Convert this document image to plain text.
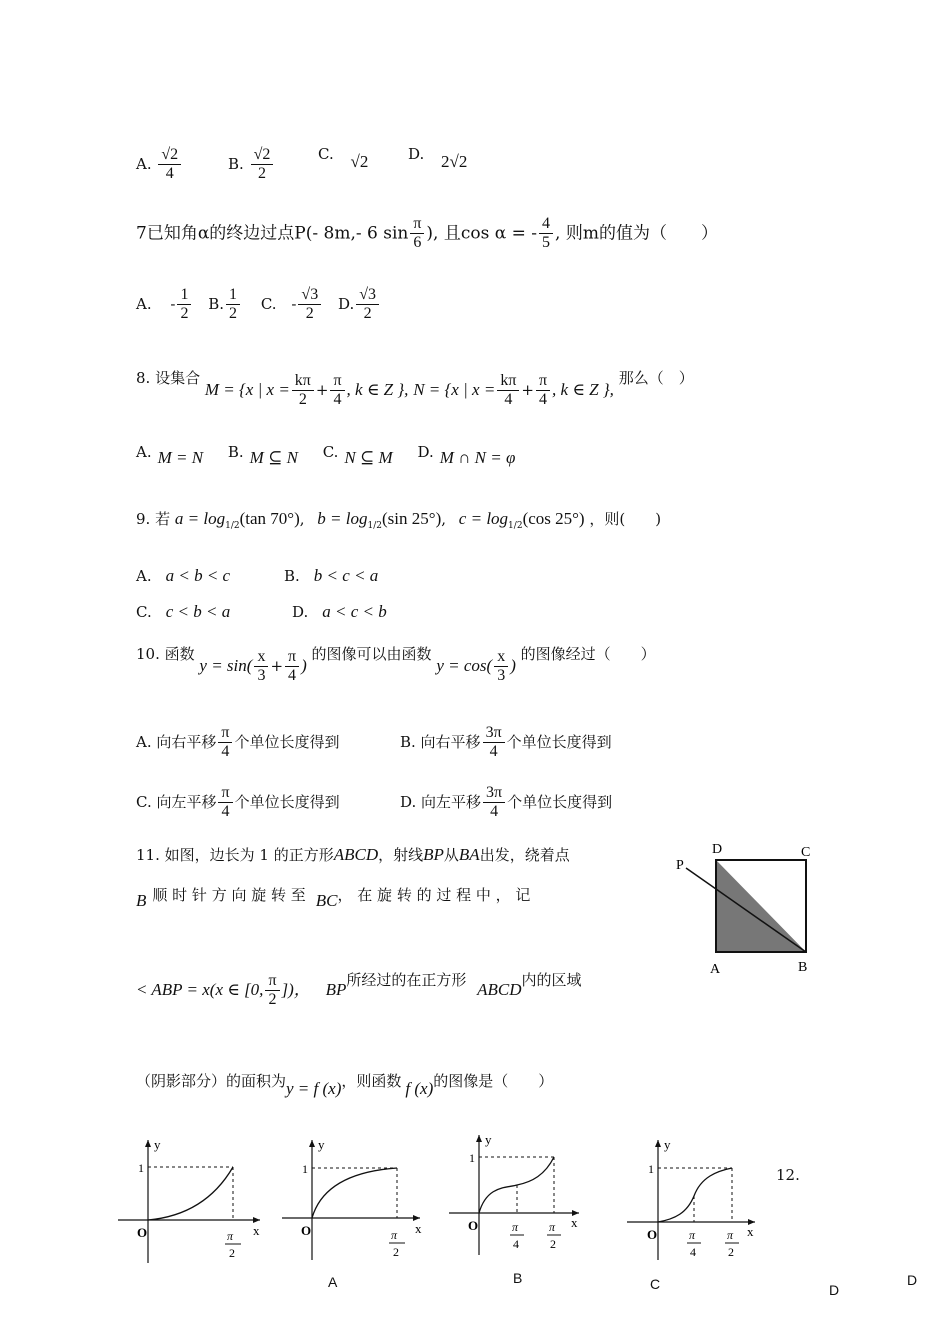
A. $\frac{√2}{4}$	B. $\frac{√2}{2}$	C. √2	D. 2√2
7已知角α的终边过点P(- 8m,- 6 $\sin \frac{\pi}{6}$ ), 且cos α = - $\frac{4}{5}$ , 则m的值为（　　）
A. - $\frac{1}{2} B$. $\frac{1}{2} C$. - $\frac{√3}{2} D$. $\frac{√3}{2}$
8. 设集合 M = {x | $x = \frac{k\pi}{2} + \frac{\pi}{4}$ , k ∈ Z }, N = {x | $x = \frac{k\pi}{4} + \frac{\pi}{4}$ , k ∈ Z }, 那么（　）
A. M = N B. M ⊆ N C. N ⊆ M D. M ∩ N = φ
9. 若 $a = \log_{1/2}(\tan$ 70°), $b = \log_{1/2}(\sin$ 25°), $c = \log_{1/2}(\cos$ 25°) ，则(　　)
A. a < b < c	B. b < c < a
C. c < b < a	D. a < c < b
10. 函数 $y = \sin( \frac{x}{3} + \frac{\pi}{4}$ ) 的图像可以由函数 $y = \cos( \frac{x}{3}$ ) 的图像经过（　　）
A. 向右平移 $\frac{\pi}{4}$ 个单位长度得到	B. 向右平移 $\frac{3\pi}{4}$ 个单位长度得到
C. 向左平移 $\frac{\pi}{4}$ 个单位长度得到	D. 向左平移 $\frac{3\pi}{4}$ 个单位长度得到
11. 如图，边长为 1 的正方形ABCD，射线BP从BA出发，绕着点
B 顺 时 针 方 向 旋 转 至 BC， 在 旋 转 的 过 程 中 ， 记
< ABP = x(x ∈ [0, $\frac{\pi}{2}$ ])， BP所经过的在正方形 ABCD内的区域
（阴影部分）的面积为y = f (x)，则函数 f (x)的图像是（　　）
P
D	C
A	B
y
x
O
1
π
2
y
x
O
1
π
2
y
x
O
1
π
4
π
2
y
x
O
1
π
4
π
2
12.
A	B	C	D
D
